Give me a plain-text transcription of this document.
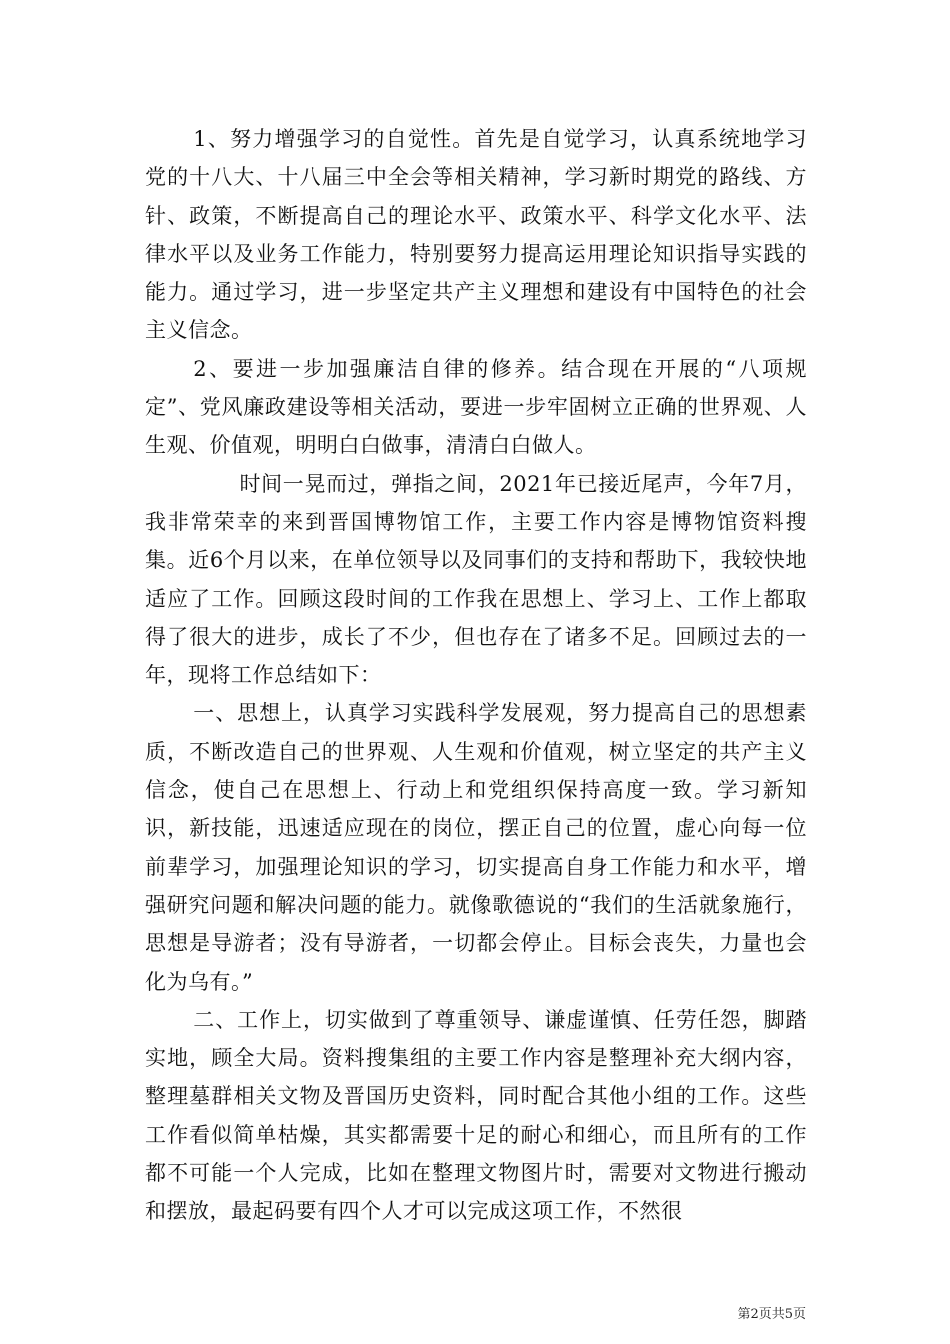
1、努力增强学习的自觉性。首先是自觉学习，认真系统地学习党的十八大、十八届三中全会等相关精神，学习新时期党的路线、方针、政策，不断提高自己的理论水平、政策水平、科学文化水平、法律水平以及业务工作能力，特别要努力提高运用理论知识指导实践的能力。通过学习，进一步坚定共产主义理想和建设有中国特色的社会主义信念。

2、要进一步加强廉洁自律的修养。结合现在开展的“八项规定”、党风廉政建设等相关活动，要进一步牢固树立正确的世界观、人生观、价值观，明明白白做事，清清白白做人。

时间一晃而过，弹指之间，2021年已接近尾声，今年7月，我非常荣幸的来到晋国博物馆工作，主要工作内容是博物馆资料搜集。近6个月以来，在单位领导以及同事们的支持和帮助下，我较快地适应了工作。回顾这段时间的工作我在思想上、学习上、工作上都取得了很大的进步，成长了不少，但也存在了诸多不足。回顾过去的一年，现将工作总结如下：

一、思想上，认真学习实践科学发展观，努力提高自己的思想素质，不断改造自己的世界观、人生观和价值观，树立坚定的共产主义信念，使自己在思想上、行动上和党组织保持高度一致。学习新知识，新技能，迅速适应现在的岗位，摆正自己的位置，虚心向每一位前辈学习，加强理论知识的学习，切实提高自身工作能力和水平，增强研究问题和解决问题的能力。就像歌德说的“我们的生活就象施行，思想是导游者；没有导游者，一切都会停止。目标会丧失，力量也会化为乌有。”

二、工作上，切实做到了尊重领导、谦虚谨慎、任劳任怨，脚踏实地，顾全大局。资料搜集组的主要工作内容是整理补充大纲内容，整理墓群相关文物及晋国历史资料，同时配合其他小组的工作。这些工作看似简单枯燥，其实都需要十足的耐心和细心，而且所有的工作都不可能一个人完成，比如在整理文物图片时，需要对文物进行搬动和摆放，最起码要有四个人才可以完成这项工作，不然很

第2页共5页
